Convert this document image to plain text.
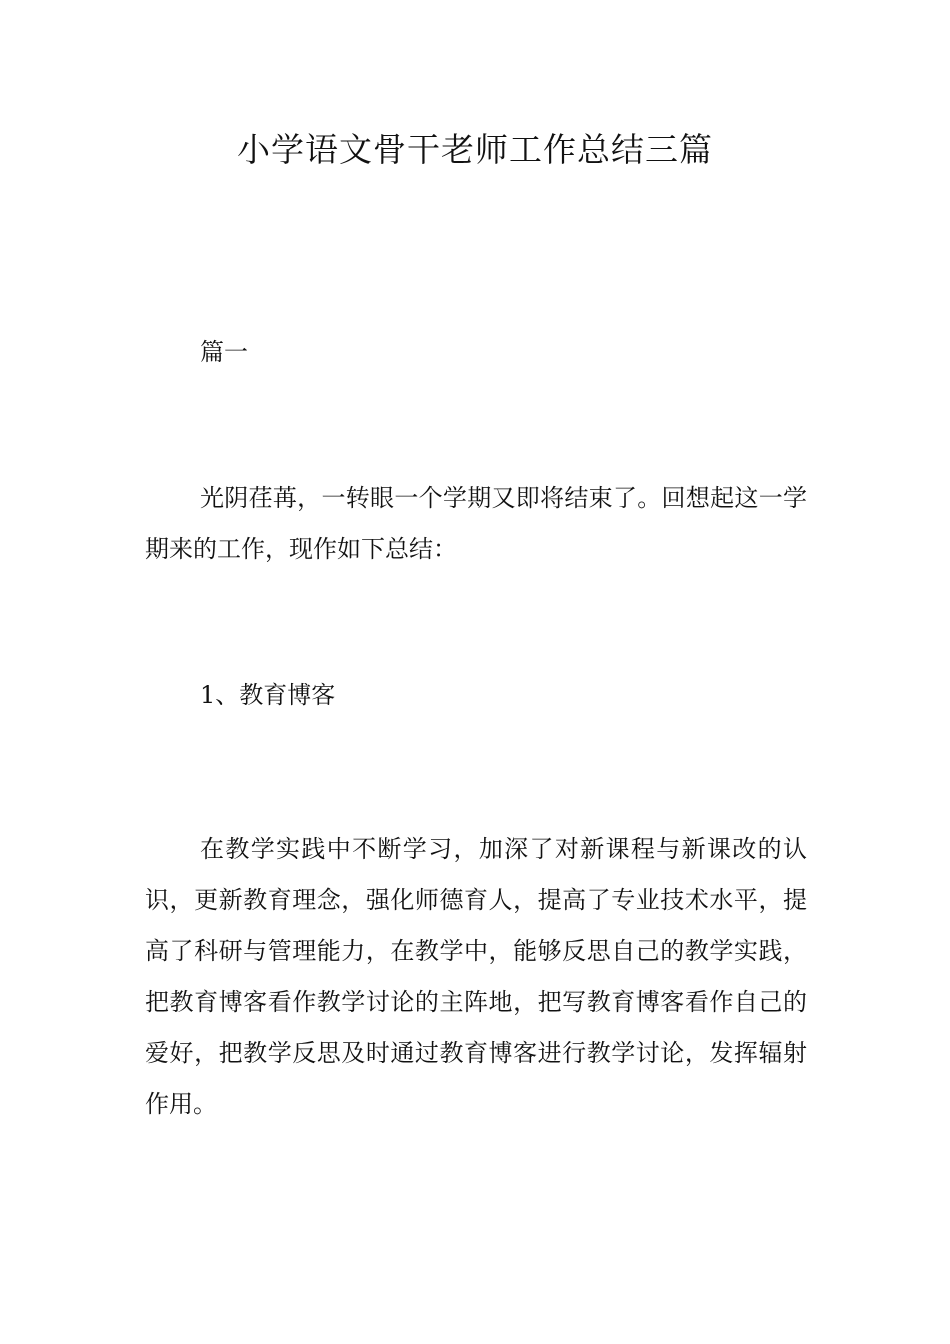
小学语文骨干老师工作总结三篇

篇一

光阴荏苒，一转眼一个学期又即将结束了。回想起这一学期来的工作，现作如下总结：

1、教育博客

在教学实践中不断学习，加深了对新课程与新课改的认识，更新教育理念，强化师德育人，提高了专业技术水平，提高了科研与管理能力，在教学中，能够反思自己的教学实践，把教育博客看作教学讨论的主阵地，把写教育博客看作自己的爱好，把教学反思及时通过教育博客进行教学讨论，发挥辐射作用。
